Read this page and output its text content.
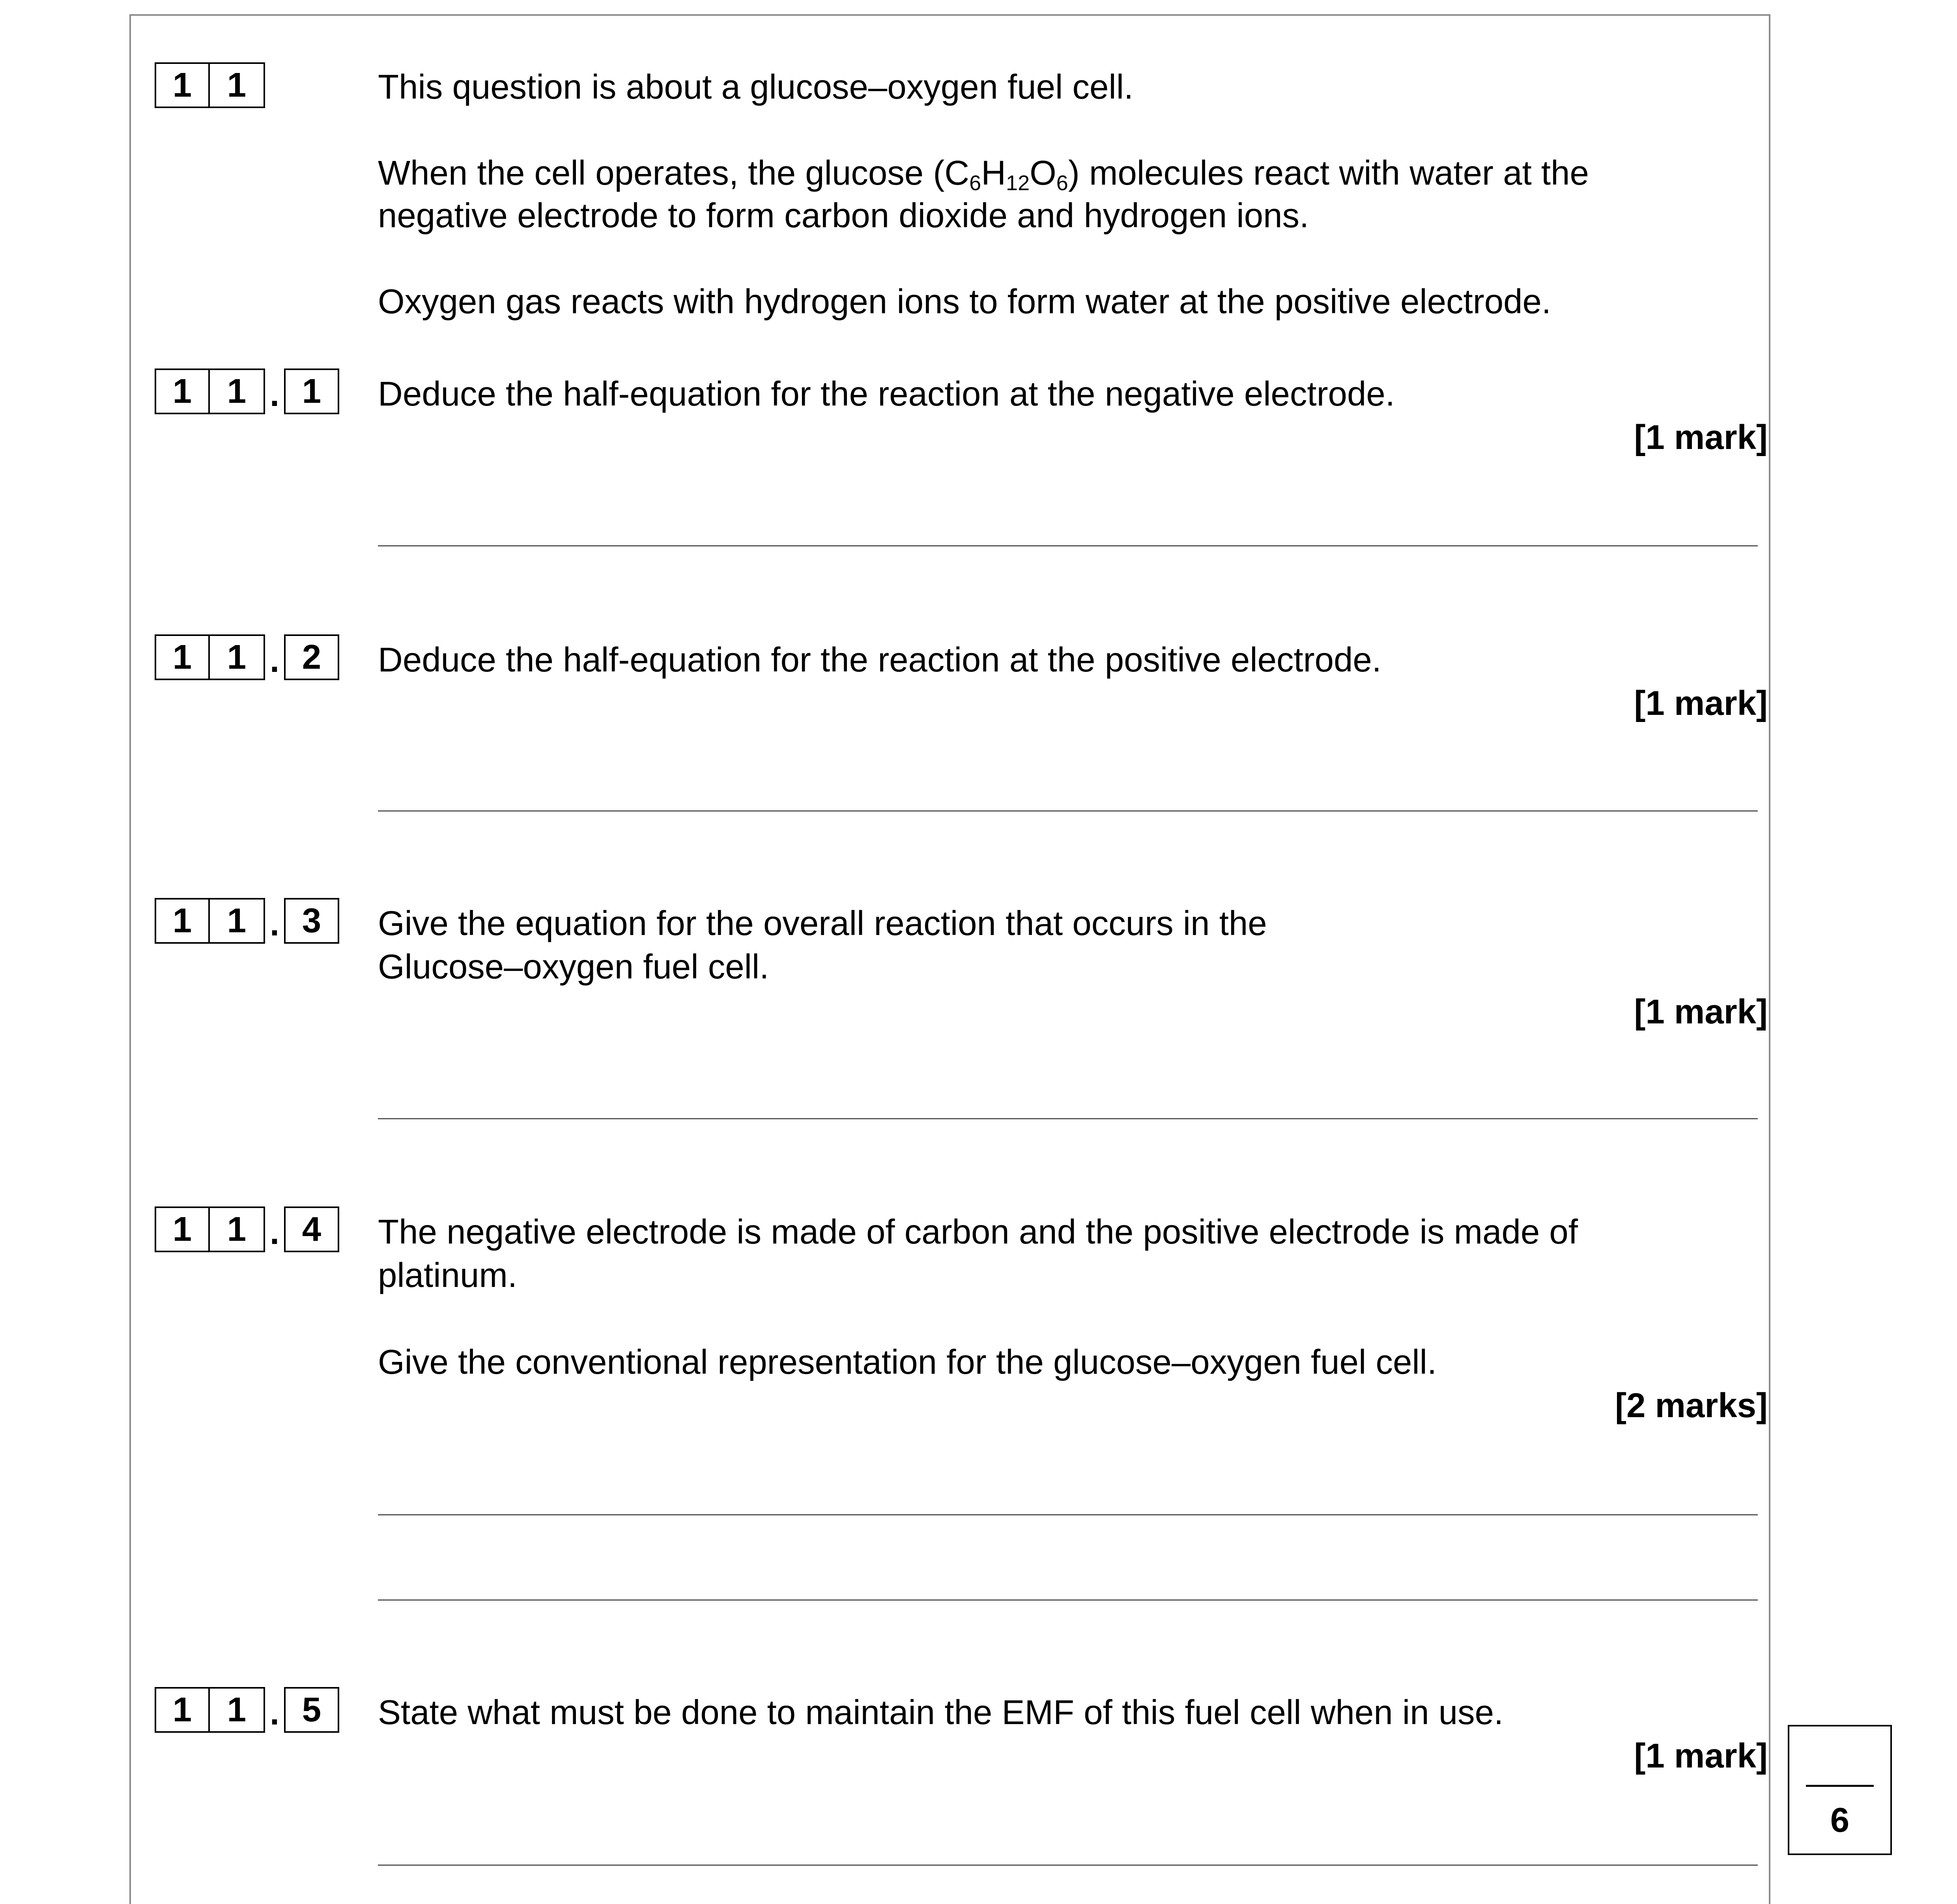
1	1	This question is about a glucose–oxygen fuel cell.
When the cell operates, the glucose $(C_6H_{12}O_6)$ molecules react with water at the
negative electrode to form carbon dioxide and hydrogen ions.
Oxygen gas reacts with hydrogen ions to form water at the positive electrode.
1	1 . 1	Deduce the half-equation for the reaction at the negative electrode.
[1 mark]
1	1 . 2	Deduce the half-equation for the reaction at the positive electrode.
[1 mark]
1	1 . 3	Give the equation for the overall reaction that occurs in the
Glucose–oxygen fuel cell.
[1 mark]
1	1 . 4	The negative electrode is made of carbon and the positive electrode is made of
platinum.
Give the conventional representation for the glucose–oxygen fuel cell.
[2 marks]
1	1 . 5	State what must be done to maintain the EMF of this fuel cell when in use.
[1 mark]
6
